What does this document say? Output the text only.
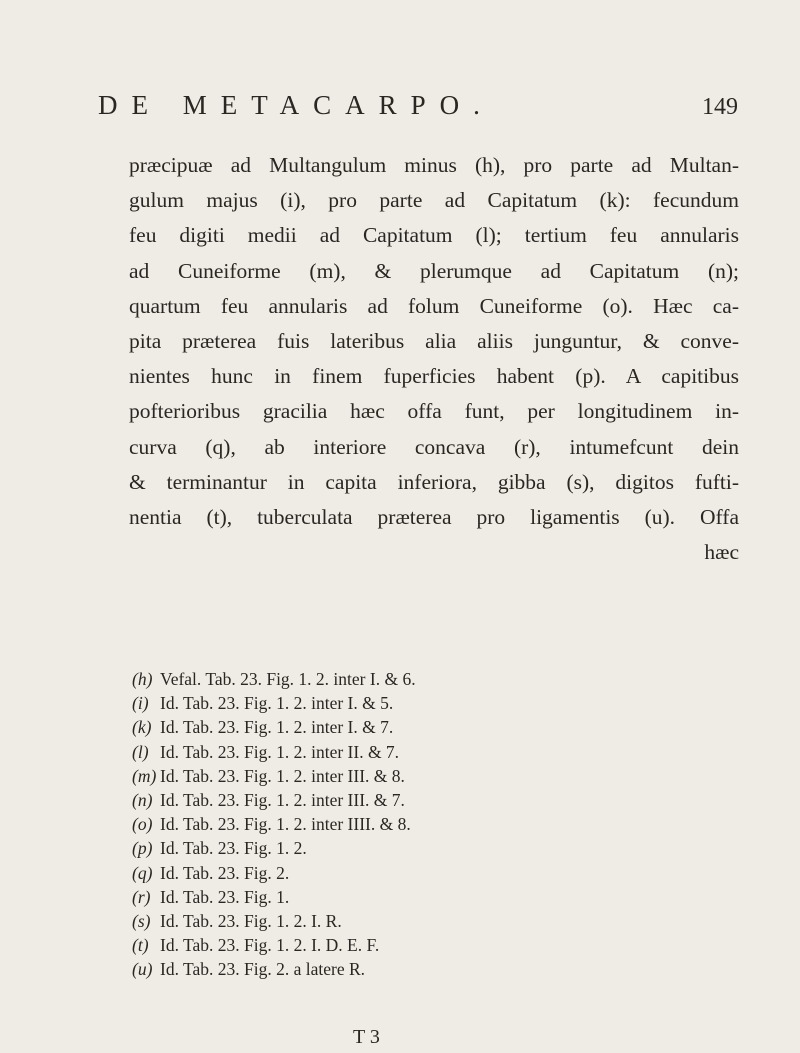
DE METACARPO.	149
præcipuæ ad Multangulum minus (h), pro parte ad Multan-
gulum majus (i), pro parte ad Capitatum (k): fecundum
feu digiti medii ad Capitatum (l); tertium feu annularis
ad Cuneiforme (m), & plerumque ad Capitatum (n);
quartum feu annularis ad folum Cuneiforme (o). Hæc ca-
pita præterea fuis lateribus alia aliis junguntur, & conve-
nientes hunc in finem fuperficies habent (p). A capitibus
pofterioribus gracilia hæc offa funt, per longitudinem in-
curva (q), ab interiore concava (r), intumefcunt dein
& terminantur in capita inferiora, gibba (s), digitos fufti-
nentia (t), tuberculata præterea pro ligamentis (u). Offa
hæc
(h) Vefal. Tab. 23. Fig. 1. 2. inter I. & 6.
(i) Id. Tab. 23. Fig. 1. 2. inter I. & 5.
(k) Id. Tab. 23. Fig. 1. 2. inter I. & 7.
(l) Id. Tab. 23. Fig. 1. 2. inter II. & 7.
(m) Id. Tab. 23. Fig. 1. 2. inter III. & 8.
(n) Id. Tab. 23. Fig. 1. 2. inter III. & 7.
(o) Id. Tab. 23. Fig. 1. 2. inter IIII. & 8.
(p) Id. Tab. 23. Fig. 1. 2.
(q) Id. Tab. 23. Fig. 2.
(r) Id. Tab. 23. Fig. 1.
(s) Id. Tab. 23. Fig. 1. 2. I. R.
(t) Id. Tab. 23. Fig. 1. 2. I. D. E. F.
(u) Id. Tab. 23. Fig. 2. a latere R.
T 3
